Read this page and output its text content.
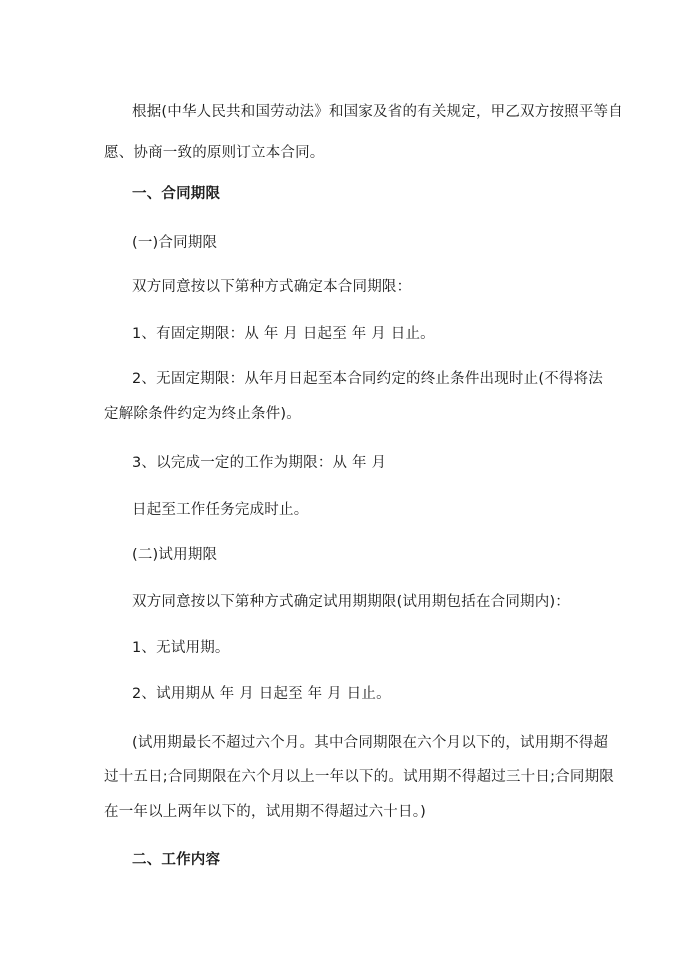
根据(中华人民共和国劳动法》和国家及省的有关规定，甲乙双方按照平等自
愿、协商一致的原则订立本合同。
一、合同期限
(一)合同期限
双方同意按以下第种方式确定本合同期限：
1、有固定期限：从 年 月 日起至 年 月 日止。
2、无固定期限：从年月日起至本合同约定的终止条件出现时止(不得将法
定解除条件约定为终止条件)。
3、以完成一定的工作为期限：从 年 月
日起至工作任务完成时止。
(二)试用期限
双方同意按以下第种方式确定试用期期限(试用期包括在合同期内)：
1、无试用期。
2、试用期从 年 月 日起至 年 月 日止。
(试用期最长不超过六个月。其中合同期限在六个月以下的，试用期不得超
过十五日;合同期限在六个月以上一年以下的。试用期不得超过三十日;合同期限
在一年以上两年以下的，试用期不得超过六十日。)
二、工作内容
